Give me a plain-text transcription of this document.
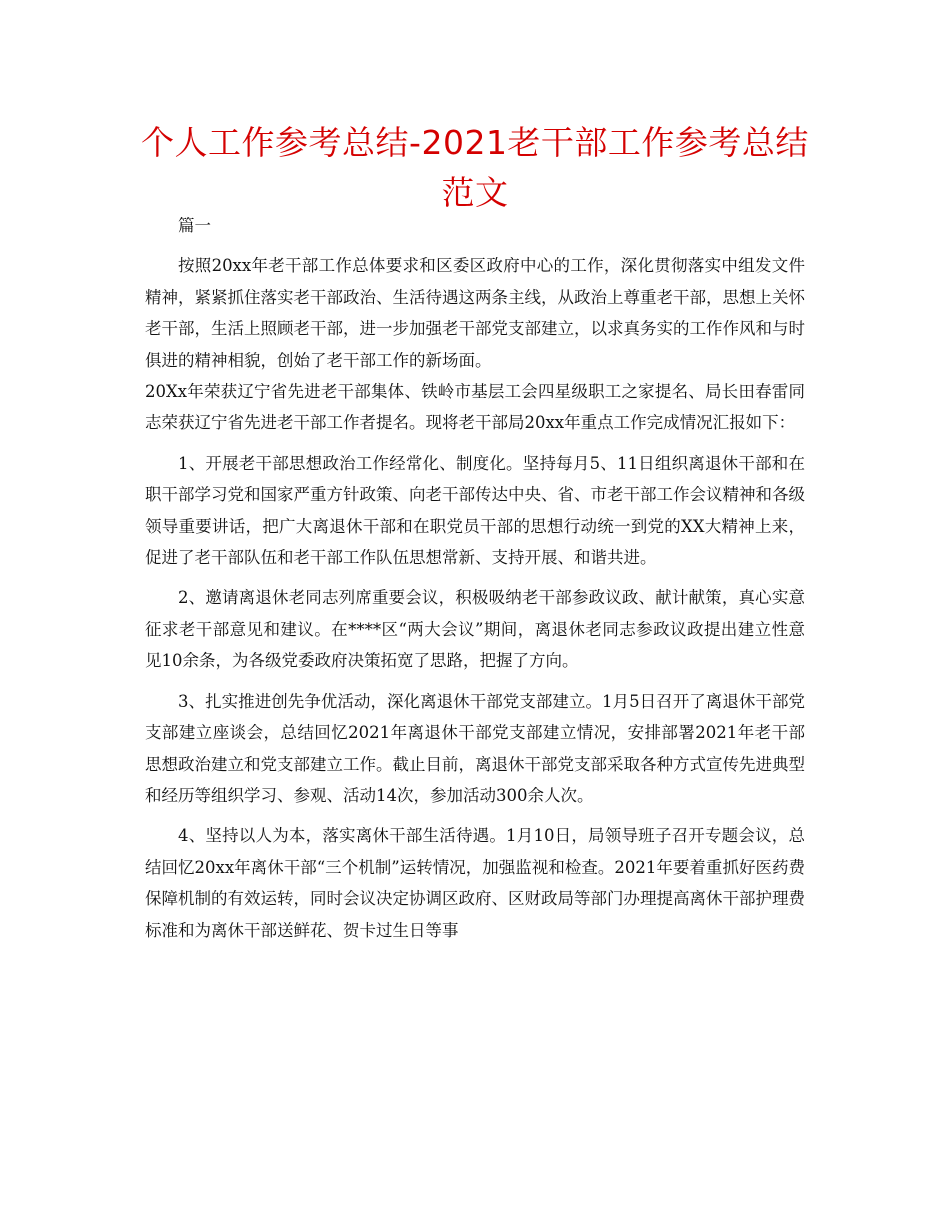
个人工作参考总结-2021老干部工作参考总结范文

篇一

按照20xx年老干部工作总体要求和区委区政府中心的工作，深化贯彻落实中组发文件精神，紧紧抓住落实老干部政治、生活待遇这两条主线，从政治上尊重老干部，思想上关怀老干部，生活上照顾老干部，进一步加强老干部党支部建立，以求真务实的工作作风和与时俱进的精神相貌，创始了老干部工作的新场面。

20Xx年荣获辽宁省先进老干部集体、铁岭市基层工会四星级职工之家提名、局长田春雷同志荣获辽宁省先进老干部工作者提名。现将老干部局20xx年重点工作完成情况汇报如下：

1、开展老干部思想政治工作经常化、制度化。坚持每月5、11日组织离退休干部和在职干部学习党和国家严重方针政策、向老干部传达中央、省、市老干部工作会议精神和各级领导重要讲话，把广大离退休干部和在职党员干部的思想行动统一到党的XX大精神上来，促进了老干部队伍和老干部工作队伍思想常新、支持开展、和谐共进。

2、邀请离退休老同志列席重要会议，积极吸纳老干部参政议政、献计献策，真心实意征求老干部意见和建议。在****区“两大会议”期间，离退休老同志参政议政提出建立性意见10余条，为各级党委政府决策拓宽了思路，把握了方向。

3、扎实推进创先争优活动，深化离退休干部党支部建立。1月5日召开了离退休干部党支部建立座谈会，总结回忆2021年离退休干部党支部建立情况，安排部署2021年老干部思想政治建立和党支部建立工作。截止目前，离退休干部党支部采取各种方式宣传先进典型和经历等组织学习、参观、活动14次，参加活动300余人次。

4、坚持以人为本，落实离休干部生活待遇。1月10日，局领导班子召开专题会议，总结回忆20xx年离休干部“三个机制”运转情况，加强监视和检查。2021年要着重抓好医药费保障机制的有效运转，同时会议决定协调区政府、区财政局等部门办理提高离休干部护理费标准和为离休干部送鲜花、贺卡过生日等事
